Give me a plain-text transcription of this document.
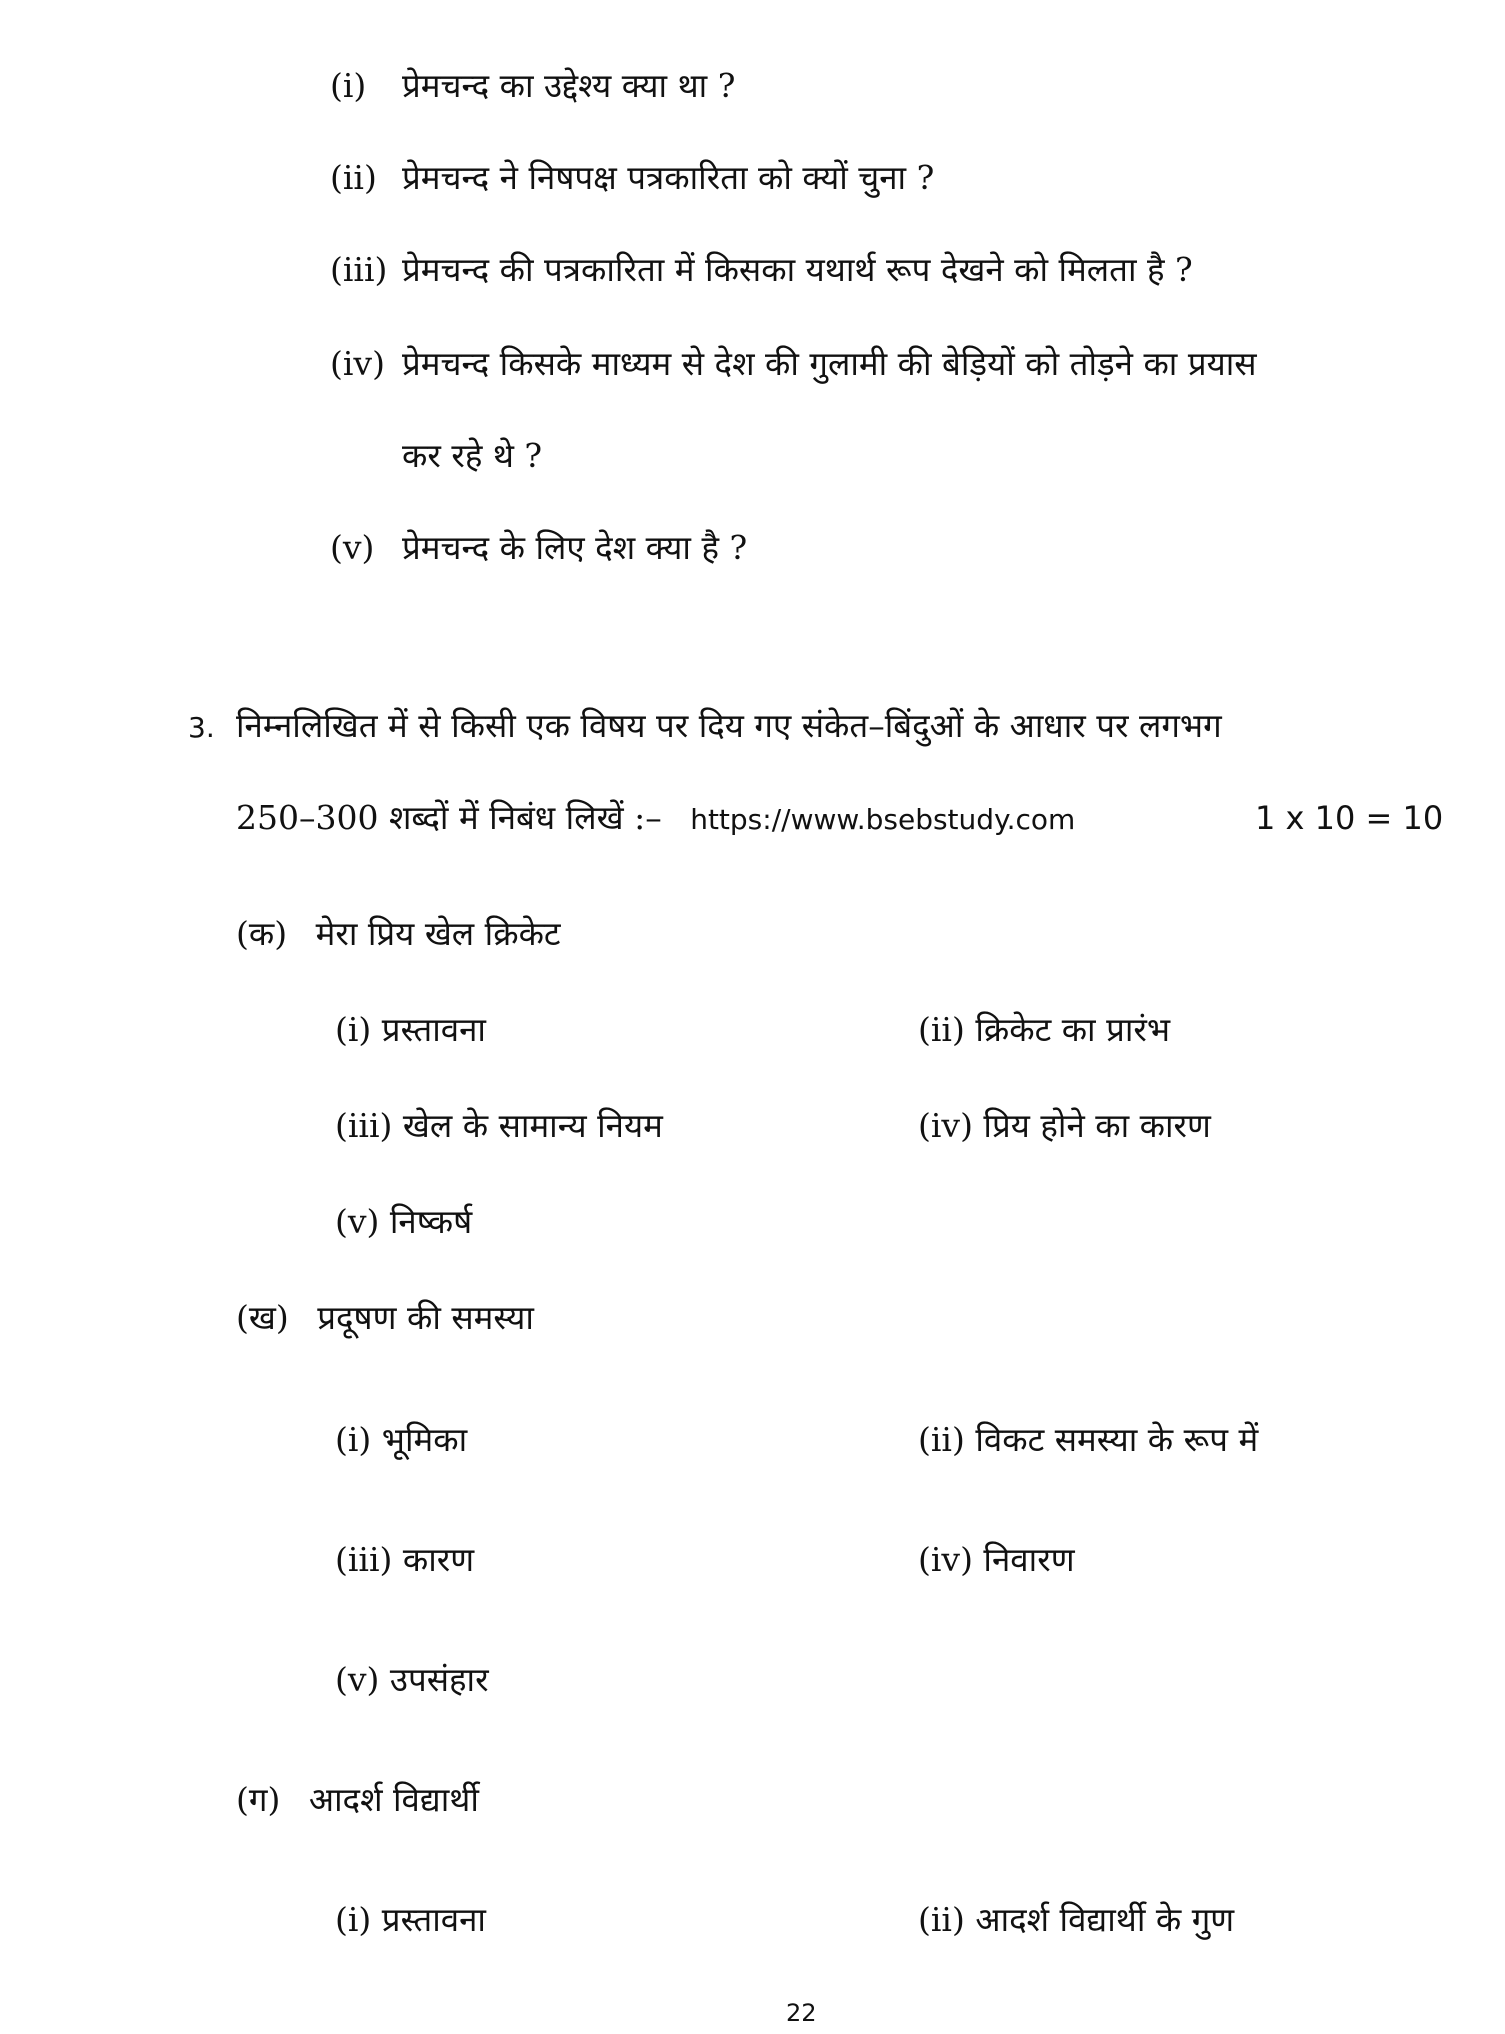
(i) प्रेमचन्द का उद्देश्य क्या था ?
(ii) प्रेमचन्द ने निषपक्ष पत्रकारिता को क्यों चुना ?
(iii) प्रेमचन्द की पत्रकारिता में किसका यथार्थ रूप देखने को मिलता है ?
(iv) प्रेमचन्द किसके माध्यम से देश की गुलामी की बेड़ियों को तोड़ने का प्रयास
कर रहे थे ?
(v) प्रेमचन्द के लिए देश क्या है ?
3. निम्नलिखित में से किसी एक विषय पर दिय गए संकेत–बिंदुओं के आधार पर लगभग
250–300 शब्दों में निबंध लिखें :– https://www.bsebstudy.com	1 x 10 = 10
(क) मेरा प्रिय खेल क्रिकेट
(i) प्रस्तावना	(ii) क्रिकेट का प्रारंभ
(iii) खेल के सामान्य नियम	(iv) प्रिय होने का कारण
(v) निष्कर्ष
(ख) प्रदूषण की समस्या
(i) भूमिका	(ii) विकट समस्या के रूप में
(iii) कारण	(iv) निवारण
(v) उपसंहार
(ग) आदर्श विद्यार्थी
(i) प्रस्तावना	(ii) आदर्श विद्यार्थी के गुण
22
